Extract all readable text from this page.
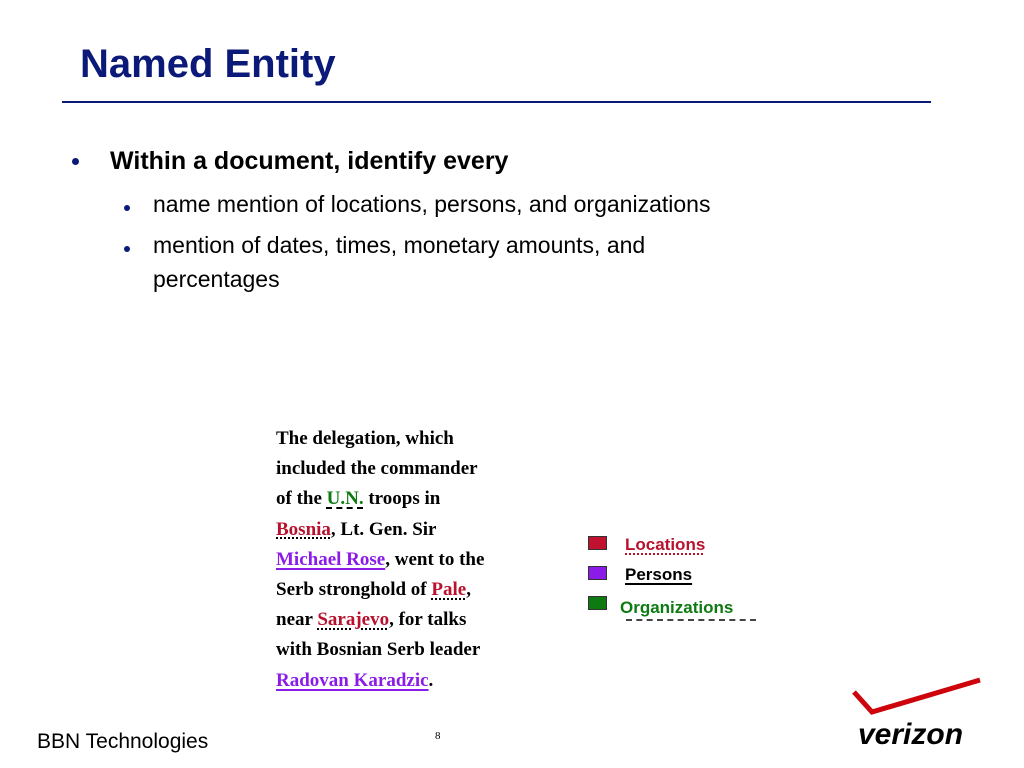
Named Entity
Within a document, identify every
name mention of locations, persons, and organizations
mention of dates, times, monetary amounts, and percentages

The delegation, which
included the commander
of the U.N. troops in
Bosnia, Lt. Gen. Sir
Michael Rose, went to the
Serb stronghold of Pale,
near Sarajevo, for talks
with Bosnian Serb leader
Radovan Karadzic.

Locations
Persons
Organizations
BBN Technologies	8	verizon
